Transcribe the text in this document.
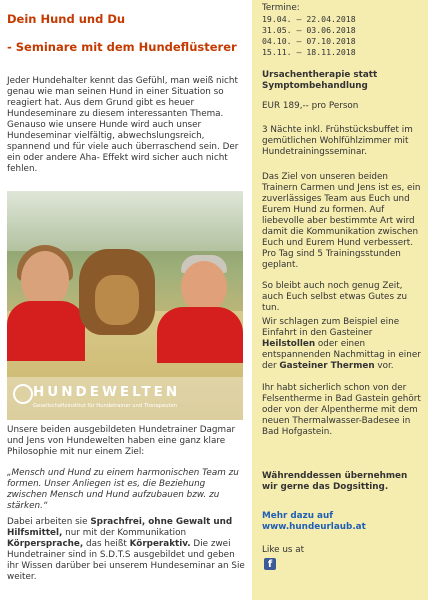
Dein Hund und Du
- Seminare mit dem Hundeflüsterer
Jeder Hundehalter kennt das Gefühl, man weiß nicht genau wie man seinen Hund in einer Situation so reagiert hat. Aus dem Grund gibt es heuer Hundeseminare zu diesem interessanten Thema. Genauso wie unsere Hunde wird auch unser Hundeseminar vielfältig, abwechslungsreich, spannend und für viele auch überraschend sein. Der ein oder andere Aha- Effekt wird sicher auch nicht fehlen.
HUNDEWELTEN
Gesellschaftsinstitut für Hundetrainer und Therapeuten
Unsere beiden ausgebildeten Hundetrainer Dagmar und Jens von Hundewelten haben eine ganz klare Philosophie mit nur einem Ziel:
„Mensch und Hund zu einem harmonischen Team zu formen. Unser Anliegen ist es, die Beziehung zwischen Mensch und Hund aufzubauen bzw. zu stärken.“
Dabei arbeiten sie Sprachfrei, ohne Gewalt und Hilfsmittel, nur mit der Kommunikation Körpersprache, das heißt Körperaktiv. Die zwei Hundetrainer sind in S.D.T.S ausgebildet und geben ihr Wissen darüber bei unserem Hundeseminar an Sie weiter.
Termine:
19.04. – 22.04.2018
31.05. – 03.06.2018
04.10. – 07.10.2018
15.11. – 18.11.2018
Ursachentherapie statt Symptombehandlung
EUR 189,-- pro Person
3 Nächte inkl. Frühstücksbuffet im gemütlichen Wohlfühlzimmer mit Hundetrainingsseminar.
Das Ziel von unseren beiden Trainern Carmen und Jens ist es, ein zuverlässiges Team aus Euch und Eurem Hund zu formen. Auf liebevolle aber bestimmte Art wird damit die Kommunikation zwischen Euch und Eurem Hund verbessert. Pro Tag sind 5 Trainingsstunden geplant.
So bleibt auch noch genug Zeit, auch Euch selbst etwas Gutes zu tun.
Wir schlagen zum Beispiel eine Einfahrt in den Gasteiner Heilstollen oder einen entspannenden Nachmittag in einer der Gasteiner Thermen vor.
Ihr habt sicherlich schon von der Felsentherme in Bad Gastein gehört oder von der Alpentherme mit dem neuen Thermalwasser-Badesee in Bad Hofgastein.
Währenddessen übernehmen wir gerne das Dogsitting.
Mehr dazu auf
www.hundeurlaub.at
Like us at
f
